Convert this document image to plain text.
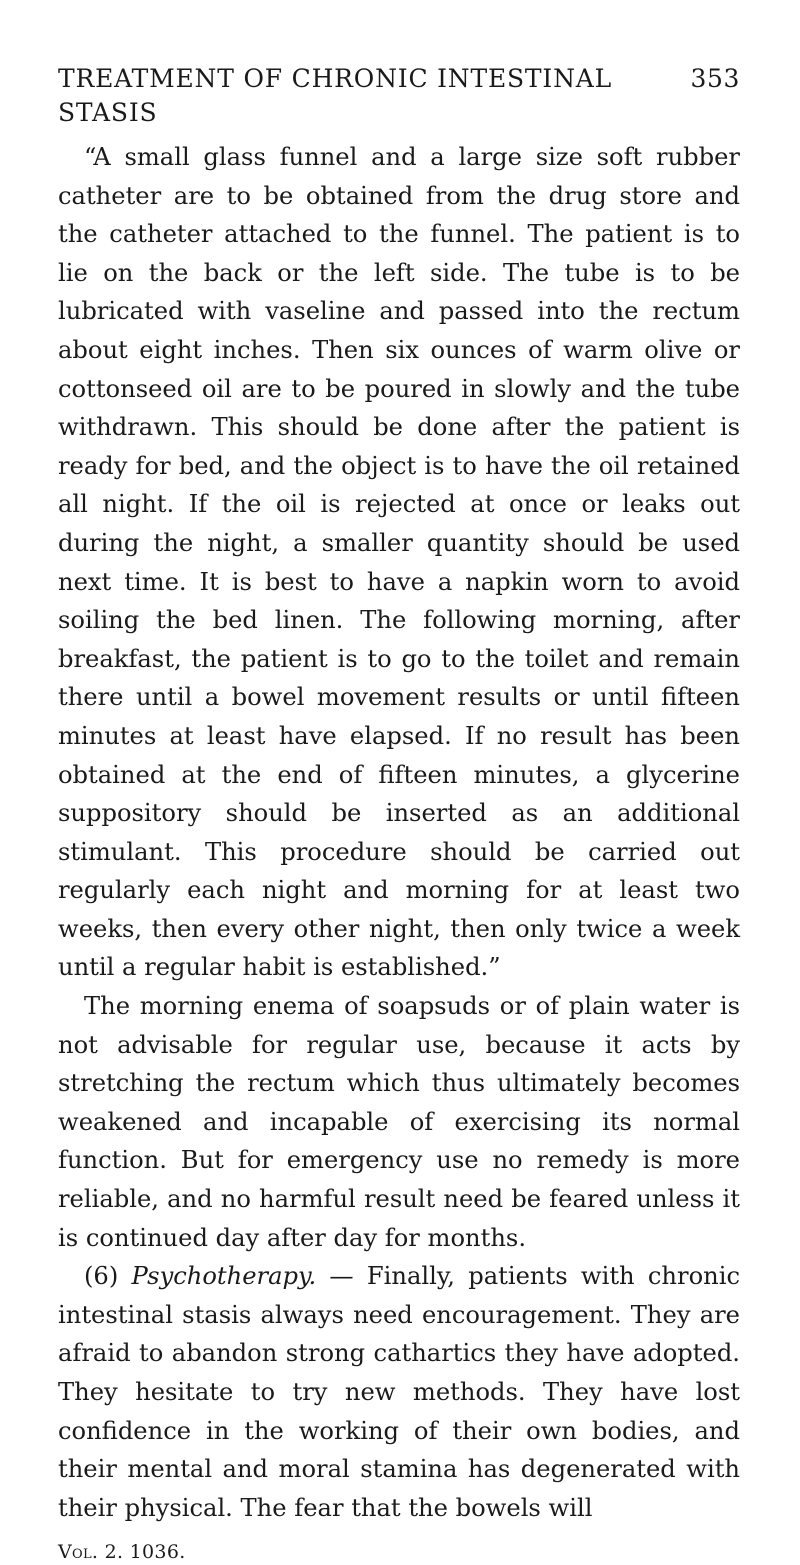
TREATMENT OF CHRONIC INTESTINAL STASIS
353

“A small glass funnel and a large size soft rubber catheter are to be obtained from the drug store and the catheter attached to the funnel. The patient is to lie on the back or the left side. The tube is to be lubricated with vaseline and passed into the rectum about eight inches. Then six ounces of warm olive or cottonseed oil are to be poured in slowly and the tube withdrawn. This should be done after the patient is ready for bed, and the object is to have the oil retained all night. If the oil is rejected at once or leaks out during the night, a smaller quantity should be used next time. It is best to have a napkin worn to avoid soiling the bed linen. The following morning, after breakfast, the patient is to go to the toilet and remain there until a bowel movement results or until fifteen minutes at least have elapsed. If no result has been obtained at the end of fifteen minutes, a glycerine suppository should be inserted as an additional stimulant. This procedure should be carried out regularly each night and morning for at least two weeks, then every other night, then only twice a week until a regular habit is established.”

The morning enema of soapsuds or of plain water is not advisable for regular use, because it acts by stretching the rectum which thus ultimately becomes weakened and incapable of exercising its normal function. But for emergency use no remedy is more reliable, and no harmful result need be feared unless it is continued day after day for months.

(6) Psychotherapy. — Finally, patients with chronic intestinal stasis always need encouragement. They are afraid to abandon strong cathartics they have adopted. They hesitate to try new methods. They have lost confidence in the working of their own bodies, and their mental and moral stamina has degenerated with their physical. The fear that the bowels will

Vol. 2. 1036.
